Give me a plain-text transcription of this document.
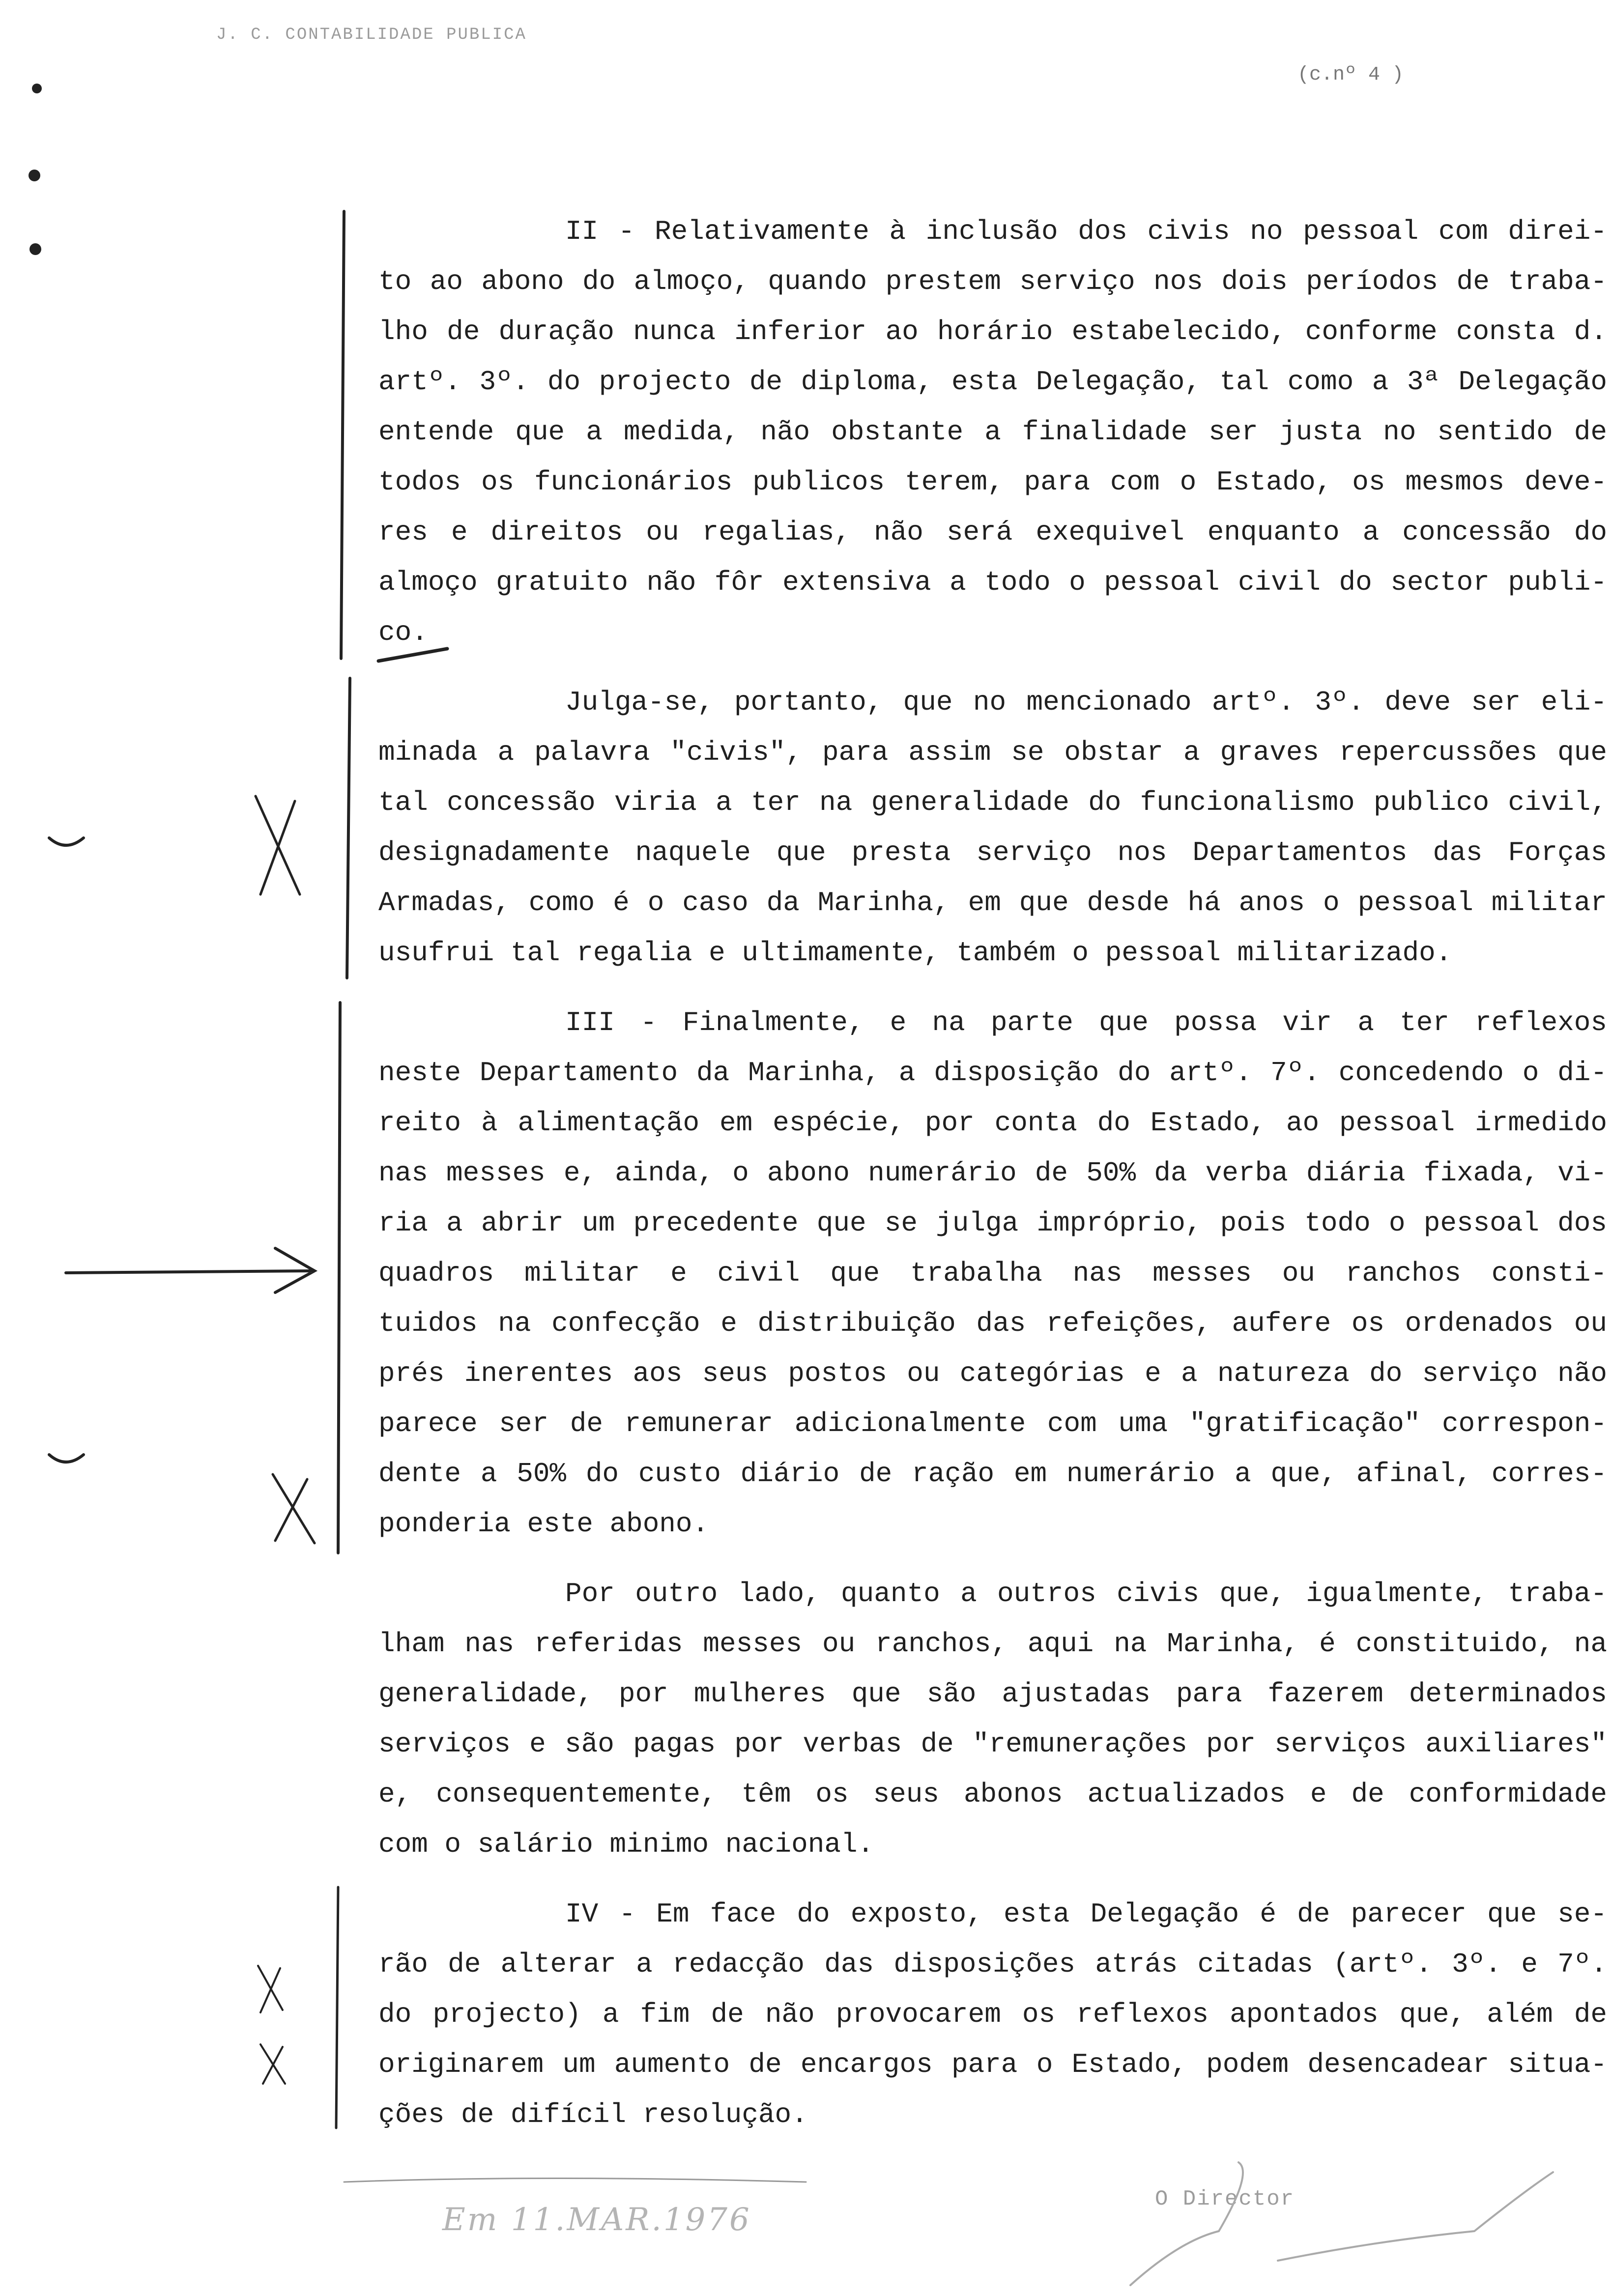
J. C. CONTABILIDADE PUBLICA
(c.nº 4 )
II - Relativamente à inclusão dos civis no pessoal com direi-
to ao abono do almoço, quando prestem serviço nos dois períodos de traba-
lho de duração nunca inferior ao horário estabelecido, conforme consta d.
artº. 3º. do projecto de diploma, esta Delegação, tal como a 3ª Delegação
entende que a medida, não obstante a finalidade ser justa no sentido de
todos os funcionários publicos terem, para com o Estado, os mesmos deve-
res e direitos ou regalias, não será exequivel enquanto a concessão do
almoço gratuito não fôr extensiva a todo o pessoal civil do sector publi-
co.
Julga-se, portanto, que no mencionado artº. 3º. deve ser eli-
minada a palavra "civis", para assim se obstar a graves repercussões que
tal concessão viria a ter na generalidade do funcionalismo publico civil,
designadamente naquele que presta serviço nos Departamentos das Forças
Armadas, como é o caso da Marinha, em que desde há anos o pessoal militar
usufrui tal regalia e ultimamente, também o pessoal militarizado.
III - Finalmente, e na parte que possa vir a ter reflexos
neste Departamento da Marinha, a disposição do artº. 7º. concedendo o di-
reito à alimentação em espécie, por conta do Estado, ao pessoal irmedido
nas messes e, ainda, o abono numerário de 50% da verba diária fixada, vi-
ria a abrir um precedente que se julga impróprio, pois todo o pessoal dos
quadros militar e civil que trabalha nas messes ou ranchos consti-
tuidos na confecção e distribuição das refeições, aufere os ordenados ou
prés inerentes aos seus postos ou categórias e a natureza do serviço não
parece ser de remunerar adicionalmente com uma "gratificação" correspon-
dente a 50% do custo diário de ração em numerário a que, afinal, corres-
ponderia este abono.
Por outro lado, quanto a outros civis que, igualmente, traba-
lham nas referidas messes ou ranchos, aqui na Marinha, é constituido, na
generalidade, por mulheres que são ajustadas para fazerem determinados
serviços e são pagas por verbas de "remunerações por serviços auxiliares"
e, consequentemente, têm os seus abonos actualizados e de conformidade
com o salário minimo nacional.
IV - Em face do exposto, esta Delegação é de parecer que se-
rão de alterar a redacção das disposições atrás citadas (artº. 3º. e 7º.
do projecto) a fim de não provocarem os reflexos apontados que, além de
originarem um aumento de encargos para o Estado, podem desencadear situa-
ções de difícil resolução.
Em 11.MAR.1976
O Director
